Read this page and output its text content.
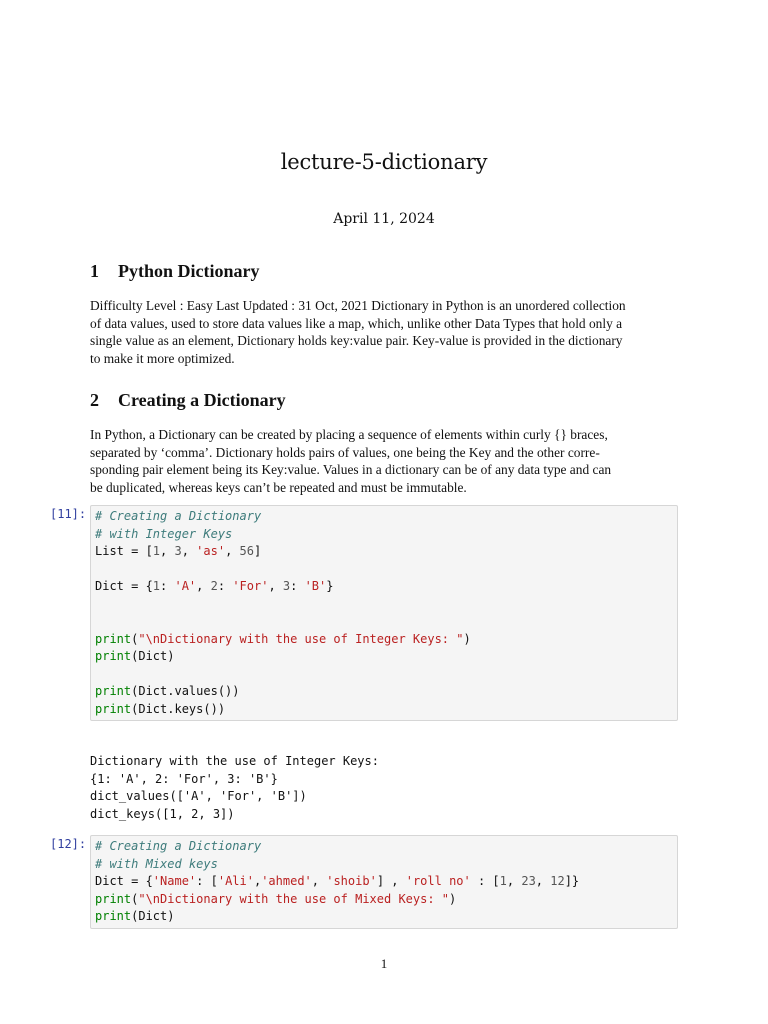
lecture-5-dictionary
April 11, 2024
1 Python Dictionary
Difficulty Level : Easy Last Updated : 31 Oct, 2021 Dictionary in Python is an unordered collection
of data values, used to store data values like a map, which, unlike other Data Types that hold only a
single value as an element, Dictionary holds key:value pair. Key-value is provided in the dictionary
to make it more optimized.
2 Creating a Dictionary
In Python, a Dictionary can be created by placing a sequence of elements within curly {} braces,
separated by ‘comma’. Dictionary holds pairs of values, one being the Key and the other corre-
sponding pair element being its Key:value. Values in a dictionary can be of any data type and can
be duplicated, whereas keys can’t be repeated and must be immutable.
[11]: # Creating a Dictionary
# with Integer Keys
List = [1, 3, 'as', 56]
Dict = {1: 'A', 2: 'For', 3: 'B'}
print("\nDictionary with the use of Integer Keys: ")
print(Dict)
print(Dict.values())
print(Dict.keys())
Dictionary with the use of Integer Keys:
{1: 'A', 2: 'For', 3: 'B'}
dict_values(['A', 'For', 'B'])
dict_keys([1, 2, 3])
[12]: # Creating a Dictionary
# with Mixed keys
Dict = {'Name': ['Ali','ahmed', 'shoib'] , 'roll no' : [1, 23, 12]}
print("\nDictionary with the use of Mixed Keys: ")
print(Dict)
1
